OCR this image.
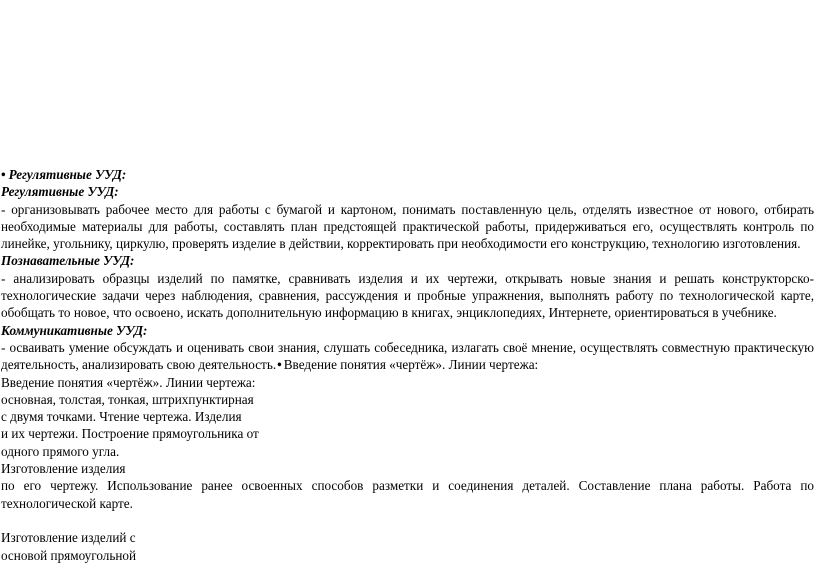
• Регулятивные УУД:
Регулятивные УУД:
- организовывать рабочее место для работы с бумагой и картоном, понимать поставленную цель, отделять известное от нового, отбирать необходимые материалы для работы, составлять план предстоящей практической работы, придерживаться его, осуществлять контроль по линейке, угольнику, циркулю, проверять изделие в действии, корректировать при необходимости его конструкцию, технологию изготовления.
Познавательные УУД:
- анализировать образцы изделий по памятке, сравнивать изделия и их чертежи, открывать новые знания и решать конструкторско- технологические задачи через наблюдения, сравнения, рассуждения и пробные упражнения, выполнять работу по технологической карте, обобщать то новое, что освоено, искать дополнительную информацию в книгах, энциклопедиях, Интернете, ориентироваться в учебнике.
Коммуникативные УУД:
- осваивать умение обсуждать и оценивать свои знания, слушать собеседника, излагать своё мнение, осуществлять совместную практическую деятельность, анализировать свою деятельность.• Введение понятия «чертёж». Линии чертежа:
Введение понятия «чертёж». Линии чертежа:
основная, толстая, тонкая, штрихпунктирная
с двумя точками. Чтение чертежа. Изделия
и их чертежи. Построение прямоугольника от
одного прямого угла.
Изготовление изделия
по его чертежу. Использование ранее освоенных способов разметки и соединения деталей. Составление плана работы. Работа по технологической карте.
Изготовление изделий с
основой прямоугольной
